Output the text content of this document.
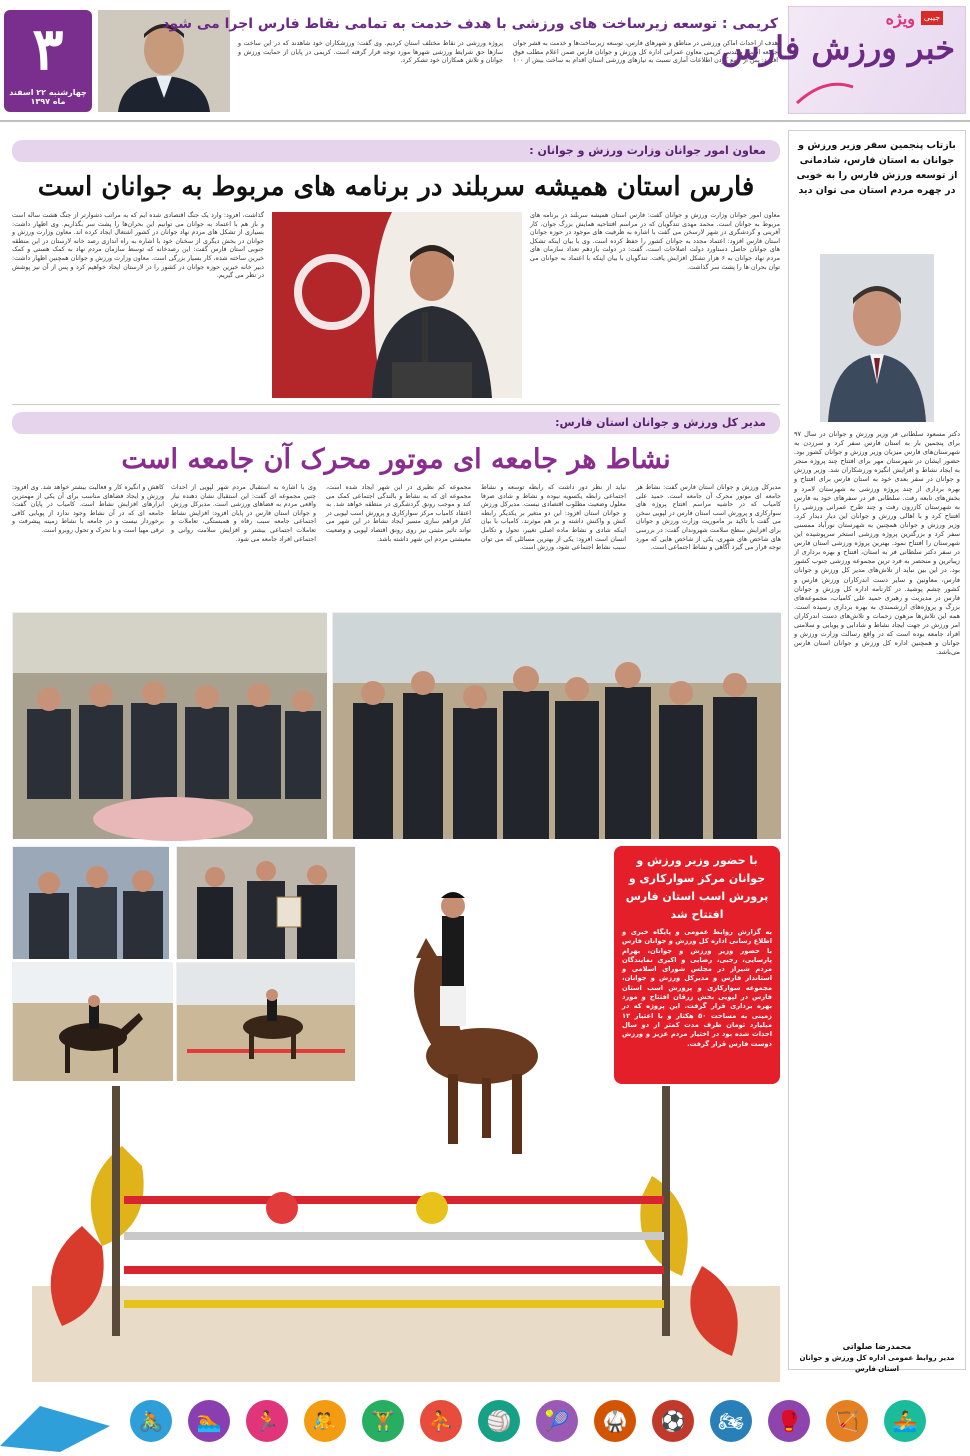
۳
چهارشنبه ۲۲ اسفند ماه ۱۳۹۷
کریمی : توسعه زیرساخت های ورزشی با هدف خدمت به تمامی نقاط فارس اجرا می شود
هدف از احداث اماکن ورزشی در مناطق و شهرهای فارس، توسعه زیرساخت‌ها و خدمت به قشر جوان جامعه است. مهندس کریمی معاون عمرانی اداره کل ورزش و جوانان فارس ضمن اعلام مطلب فوق افزود: پس از جمع کردن اطلاعات آماری نسبت به نیازهای ورزشی استان اقدام به ساخت بیش از ۱۰۰ پروژه ورزشی در نقاط مختلف استان کردیم. وی گفت: ورزشکاران خود شاهدند که در این ساخت و سازها حق شرایط ورزشی شهرها مورد توجه قرار گرفته است. کریمی در پایان از حمایت ورزش و جوانان و تلاش همکاران خود تشکر کرد.
جیبی
ویژه
خبر ورزش فارس
بازتاب پنجمین سفر وزیر ورزش و جوانان به استان فارس، شادمانی از توسعه ورزش فارس را به خوبی در چهره مردم استان می توان دید
دکتر مسعود سلطانی فر وزیر ورزش و جوانان در سال ۹۷ برای پنجمین بار به استان فارس سفر کرد و سرزدن به شهرستان‌های فارس میزبان وزیر ورزش و جوانان کشور بود. حضور ایشان در شهرستان مهر برای افتتاح چند پروژه منجر به ایجاد نشاط و افزایش انگیزه ورزشکاران شد. وزیر ورزش و جوانان در سفر بعدی خود به استان فارس برای افتتاح و بهره برداری از چند پروژه ورزشی به شهرستان لامرد و بخش‌های تابعه رفت. سلطانی فر در سفرهای خود به فارس به شهرستان کازرون رفت و چند طرح عمرانی ورزشی را افتتاح کرد و با اهالی ورزش و جوانان این دیار دیدار کرد. وزیر ورزش و جوانان همچنین به شهرستان نورآباد ممسنی سفر کرد و بزرگترین پروژه ورزشی استخر سرپوشیده این شهرستان را افتتاح نمود. بهترین پروژه ورزشی استان فارس در سفر دکتر سلطانی فر به استان، افتتاح و بهره برداری از زیباترین و منحصر به فرد ترین مجموعه ورزشی جنوب کشور بود. در این بین نباید از تلاش‌های مدیر کل ورزش و جوانان فارس، معاونین و سایر دست اندرکاران ورزش فارس و کشور چشم پوشید. در کارنامه اداره کل ورزش و جوانان فارس در مدیریت و رهبری حمید علی کامیاب، مجموعه‌های بزرگ و پروژه‌های ارزشمندی به بهره برداری رسیده است. همه این تلاش‌ها مرهون زحمات و تلاش‌های دست اندرکاران امر ورزش در جهت ایجاد نشاط و شادابی و پویایی و سلامتی افراد جامعه بوده است که در واقع رسالت وزارت ورزش و جوانان و همچنین اداره کل ورزش و جوانان استان فارس می‌باشد.
محمدرضا صلواتی
مدیر روابط عمومی اداره کل ورزش و جوانان استان فارس
معاون امور جوانان وزارت ورزش و جوانان :
فارس استان همیشه سربلند در برنامه های مربوط به جوانان است
معاون امور جوانان وزارت ورزش و جوانان گفت: فارس استان همیشه سربلند در برنامه های مربوط به جوانان است. محمد مهدی تندگویان که در مراسم افتتاحیه همایش بزرگ جوان، کار آفرینی و گردشگری در شهر لارسخن می گفت با اشاره به ظرفیت های موجود در حوزه جوانان استان فارس افزود: اعتماد مجدد به جوانان کشور را حفظ کرده است. وی با بیان اینکه تشکل های جوانان حاصل دستاورد دولت اصلاحات است، گفت: در دولت یازدهم تعداد سازمان های مردم نهاد جوانان به ۶ هزار تشکل افزایش یافت. تندگویان با بیان اینکه با اعتماد به جوانان می توان بحران ها را پشت سر گذاشت.
گذاشت، افزود: وارد یک جنگ اقتصادی شده ایم که به مراتب دشوارتر از جنگ هشت ساله است و باز هم با اعتماد به جوانان می توانیم این بحران‌ها را پشت سر بگذاریم. وی اظهار داشت: بسیاری از تشکل های مردم نهاد جوانان در کشور اشتغال ایجاد کرده اند. معاون وزارت ورزش و جوانان در بخش دیگری از سخنان خود با اشاره به راه اندازی رصد خانه لارستان در این منطقه جنوبی استان فارس گفت: این رصدخانه که توسط سازمان مردم نهاد به کمک هستی و کمک خیرین ساخته شده، کار بسیار بزرگی است. معاون وزارت ورزش و جوانان همچنین اظهار داشت: دبیر خانه خیرین حوزه جوانان در کشور را در لارستان ایجاد خواهیم کرد و پس از آن نیز پوشش در نظر می گیریم.
مدیر کل ورزش و جوانان استان فارس:
نشاط هر جامعه ای موتور محرک آن جامعه است
مدیرکل ورزش و جوانان استان فارس گفت: نشاط هر جامعه ای موتور محرک آن جامعه است. حمید علی کامیاب که در حاشیه مراسم افتتاح پروژه های سوارکاری و پرورش اسب استان فارس در لپویی سخن می گفت با تاکید بر ماموریت وزارت ورزش و جوانان برای افزایش سطح سلامت شهروندان گفت: در بررسی های شاخص های شهری، یکی از شاخص هایی که مورد توجه قرار می گیرد آگاهی و نشاط اجتماعی است.
نباید از نظر دور داشت که رابطه توسعه و نشاط اجتماعی رابطه یکسویه نبوده و نشاط و شادی صرفا معلول وضعیت مطلوب اقتصادی نیست. مدیرکل ورزش و جوانان استان افزود: این دو متغیر بر یکدیگر رابطه کنش و واکنش داشته و بر هم موثرند. کامیاب با بیان اینکه شادی و نشاط ماده اصلی تغییر، تحول و تکامل انسان است افزود: یکی از بهترین مسائلی که می توان سبب نشاط اجتماعی شود، ورزش است.
مجموعه کم نظیری در این شهر ایجاد شده است، مجموعه ای که به نشاط و بالندگی اجتماعی کمک می کند و موجب رونق گردشگری در منطقه خواهد شد. به اعتقاد کامیاب مرکز سوارکاری و پرورش اسب لپویی در کنار فراهم سازی مسیر ایجاد نشاط در این شهر می تواند تاثیر مثبتی نیز روی رونق اقتصاد لپویی و وضعیت معیشتی مردم این شهر داشته باشد.
وی با اشاره به استقبال مردم شهر لپویی از احداث چنین مجموعه ای گفت: این استقبال نشان دهنده نیاز واقعی مردم به فضاهای ورزشی است. مدیرکل ورزش و جوانان استان فارس در پایان افزود: افزایش نشاط اجتماعی جامعه سبب رفاه و همبستگی، تعاملات و تعاملات اجتماعی بیشتر و افزایش سلامت روانی و اجتماعی افراد جامعه می شود.
کاهش و انگیزه کار و فعالیت بیشتر خواهد شد. وی افزود: ورزش و ایجاد فضاهای مناسب برای آن یکی از مهمترین ابزارهای افزایش نشاط است. کامیاب در پایان گفت: جامعه ای که در آن نشاط وجود ندارد از پویایی کافی برخوردار نیست و در جامعه با نشاط زمینه پیشرفت و ترقی مهیا است و با تحرک و تحول روبرو است.
با حضور وزیر ورزش و جوانان مرکز سوارکاری و پرورش اسب استان فارس افتتاح شد
به گزارش روابط عمومی و پایگاه خبری و اطلاع رسانی اداره کل ورزش و جوانان فارس با حضور وزیر ورزش و جوانان، بهرام پارسایی، رجبی، رضایی و اکبری نمایندگان مردم شیراز در مجلس شورای اسلامی و استاندار فارس و مدیرکل ورزش و جوانان، مجموعه سوارکاری و پرورش اسب استان فارس در لپویی بخش زرقان افتتاح و مورد بهره برداری قرار گرفت. این پروژه که در زمینی به مساحت ۵۰ هکتار و با اعتبار ۱۲ میلیارد تومان طرف مدت کمتر از دو سال احداث شده بود در اختیار مردم عزیز و ورزش دوست فارس قرار گرفت.
🚴	🏊	🏃	🤼	🏋	⛹	🏐	🎾	🥋	⚽	🏍	🥊	🏹	🚣
